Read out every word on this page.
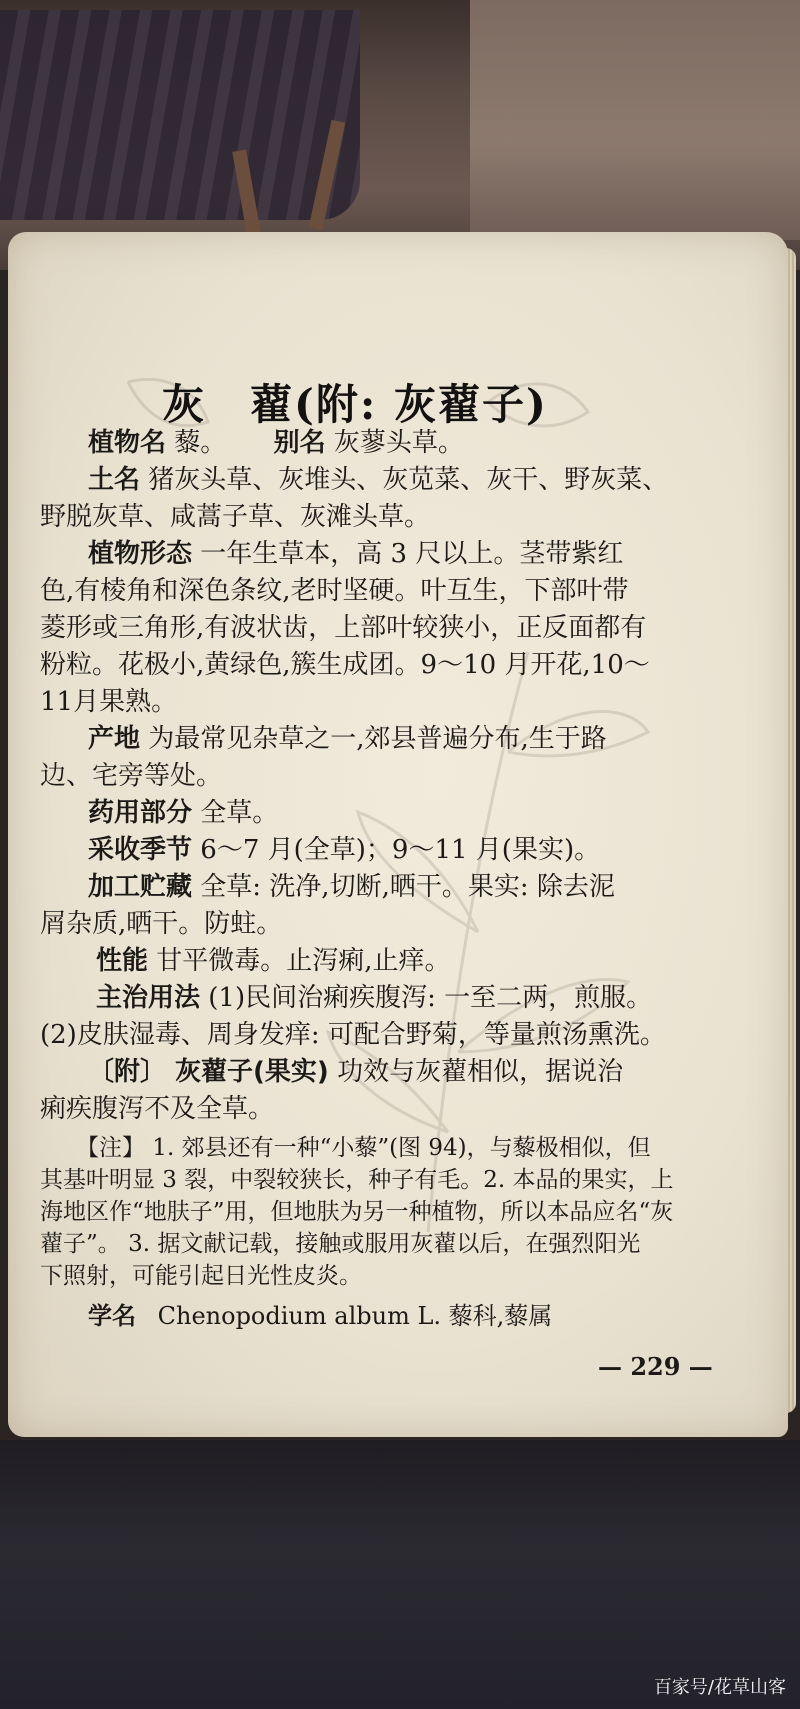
灰　藋(附: 灰藋子)
植物名 藜。　　 别名 灰蓼头草。
土名 猪灰头草、灰堆头、灰苋菜、灰干、野灰菜、
野脱灰草、咸蒿子草、灰滩头草。
植物形态 一年生草本，高 3 尺以上。茎带紫红
色,有棱角和深色条纹,老时坚硬。叶互生，下部叶带
菱形或三角形,有波状齿，上部叶较狭小，正反面都有
粉粒。花极小,黄绿色,簇生成团。9～10 月开花,10～
11月果熟。
产地 为最常见杂草之一,郊县普遍分布,生于路
边、宅旁等处。
药用部分 全草。
采收季节 6～7 月(全草)；9～11 月(果实)。
加工贮藏 全草: 洗净,切断,晒干。果实: 除去泥
屑杂质,晒干。防蛀。
性能 甘平微毒。止泻痢,止痒。
主治用法 (1)民间治痢疾腹泻: 一至二两，煎服。
(2)皮肤湿毒、周身发痒: 可配合野菊，等量煎汤熏洗。
〔附〕 灰藋子(果实) 功效与灰藋相似，据说治
痢疾腹泻不及全草。
【注】 1. 郊县还有一种“小藜”(图 94)，与藜极相似，但
其基叶明显 3 裂，中裂较狭长，种子有毛。2. 本品的果实，上
海地区作“地肤子”用，但地肤为另一种植物，所以本品应名“灰
藋子”。 3. 据文献记载，接触或服用灰藋以后，在强烈阳光
下照射，可能引起日光性皮炎。
学名 Chenopodium album L. 藜科,藜属
— 229 —
百家号/花草山客
